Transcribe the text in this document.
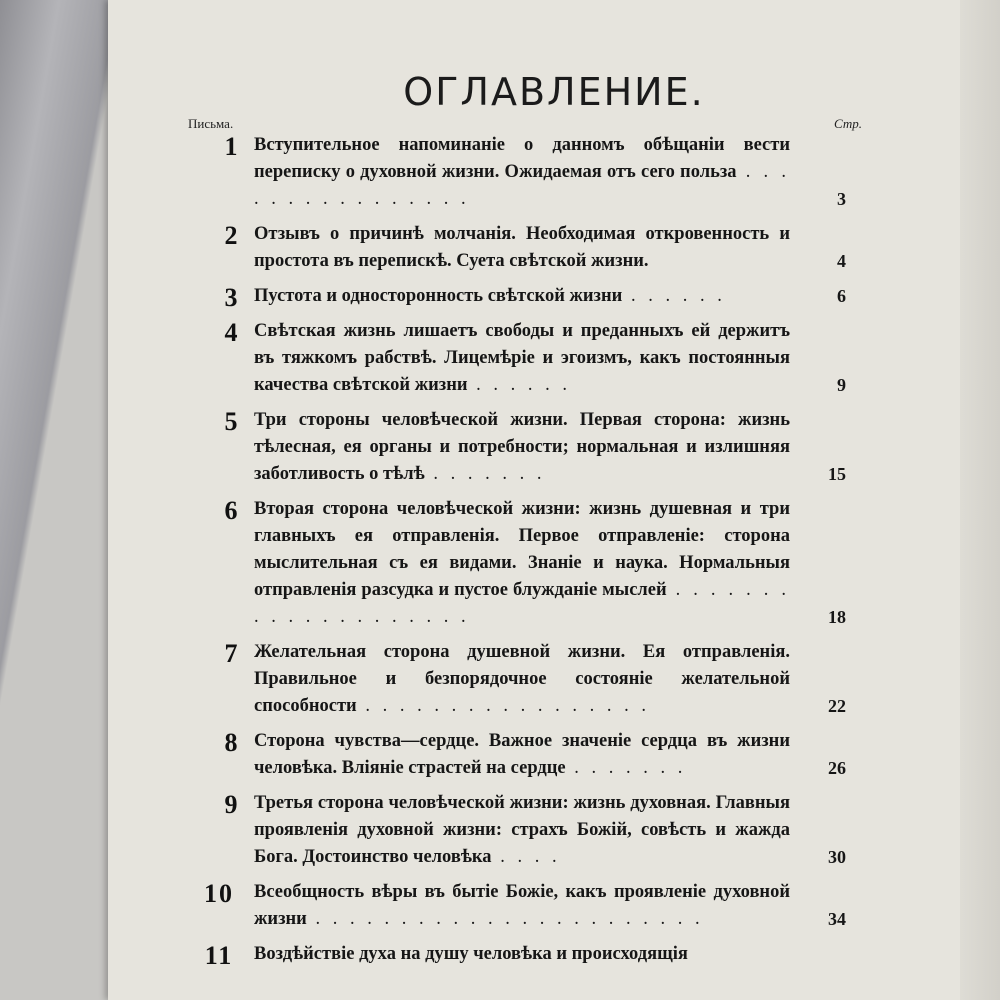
ОГЛАВЛЕНИЕ.
Письма.	Стр.
1 Вступительное напоминаніе о данномъ обѣщаніи вести переписку о духовной жизни. Ожидаемая отъ сего польза . . . . . . . . . . . . . . . .	3
2 Отзывъ о причинѣ молчанія. Необходимая откровенность и простота въ перепискѣ. Суета свѣтской жизни.	4
3 Пустота и односторонность свѣтской жизни . . . . . .	6
4 Свѣтская жизнь лишаетъ свободы и преданныхъ ей держитъ въ тяжкомъ рабствѣ. Лицемѣріе и эгоизмъ, какъ постоянныя качества свѣтской жизни . . . . . .	9
5 Три стороны человѣческой жизни. Первая сторона: жизнь тѣлесная, ея органы и потребности; нормальная и излишняя заботливость о тѣлѣ . . . . . . .	15
6 Вторая сторона человѣческой жизни: жизнь душевная и три главныхъ ея отправленія. Первое отправленіе: сторона мыслительная съ ея видами. Знаніе и наука. Нормальныя отправленія разсудка и пустое блужданіе мыслей . . . . . . . . . . . . . . . . . . . .	18
7 Желательная сторона душевной жизни. Ея отправленія. Правильное и безпорядочное состояніе желательной способности . . . . . . . . . . . . . . . . .	22
8 Сторона чувства—сердце. Важное значеніе сердца въ жизни человѣка. Вліяніе страстей на сердце . . . . . . .	26
9 Третья сторона человѣческой жизни: жизнь духовная. Главныя проявленія духовной жизни: страхъ Божій, совѣсть и жажда Бога. Достоинство человѣка . . . .	30
10	Всеобщность вѣры въ бытіе Божіе, какъ проявленіе духовной жизни . . . . . . . . . . . . . . . . . . . . . . .	34
11	Воздѣйствіе духа на душу человѣка и происходящія
